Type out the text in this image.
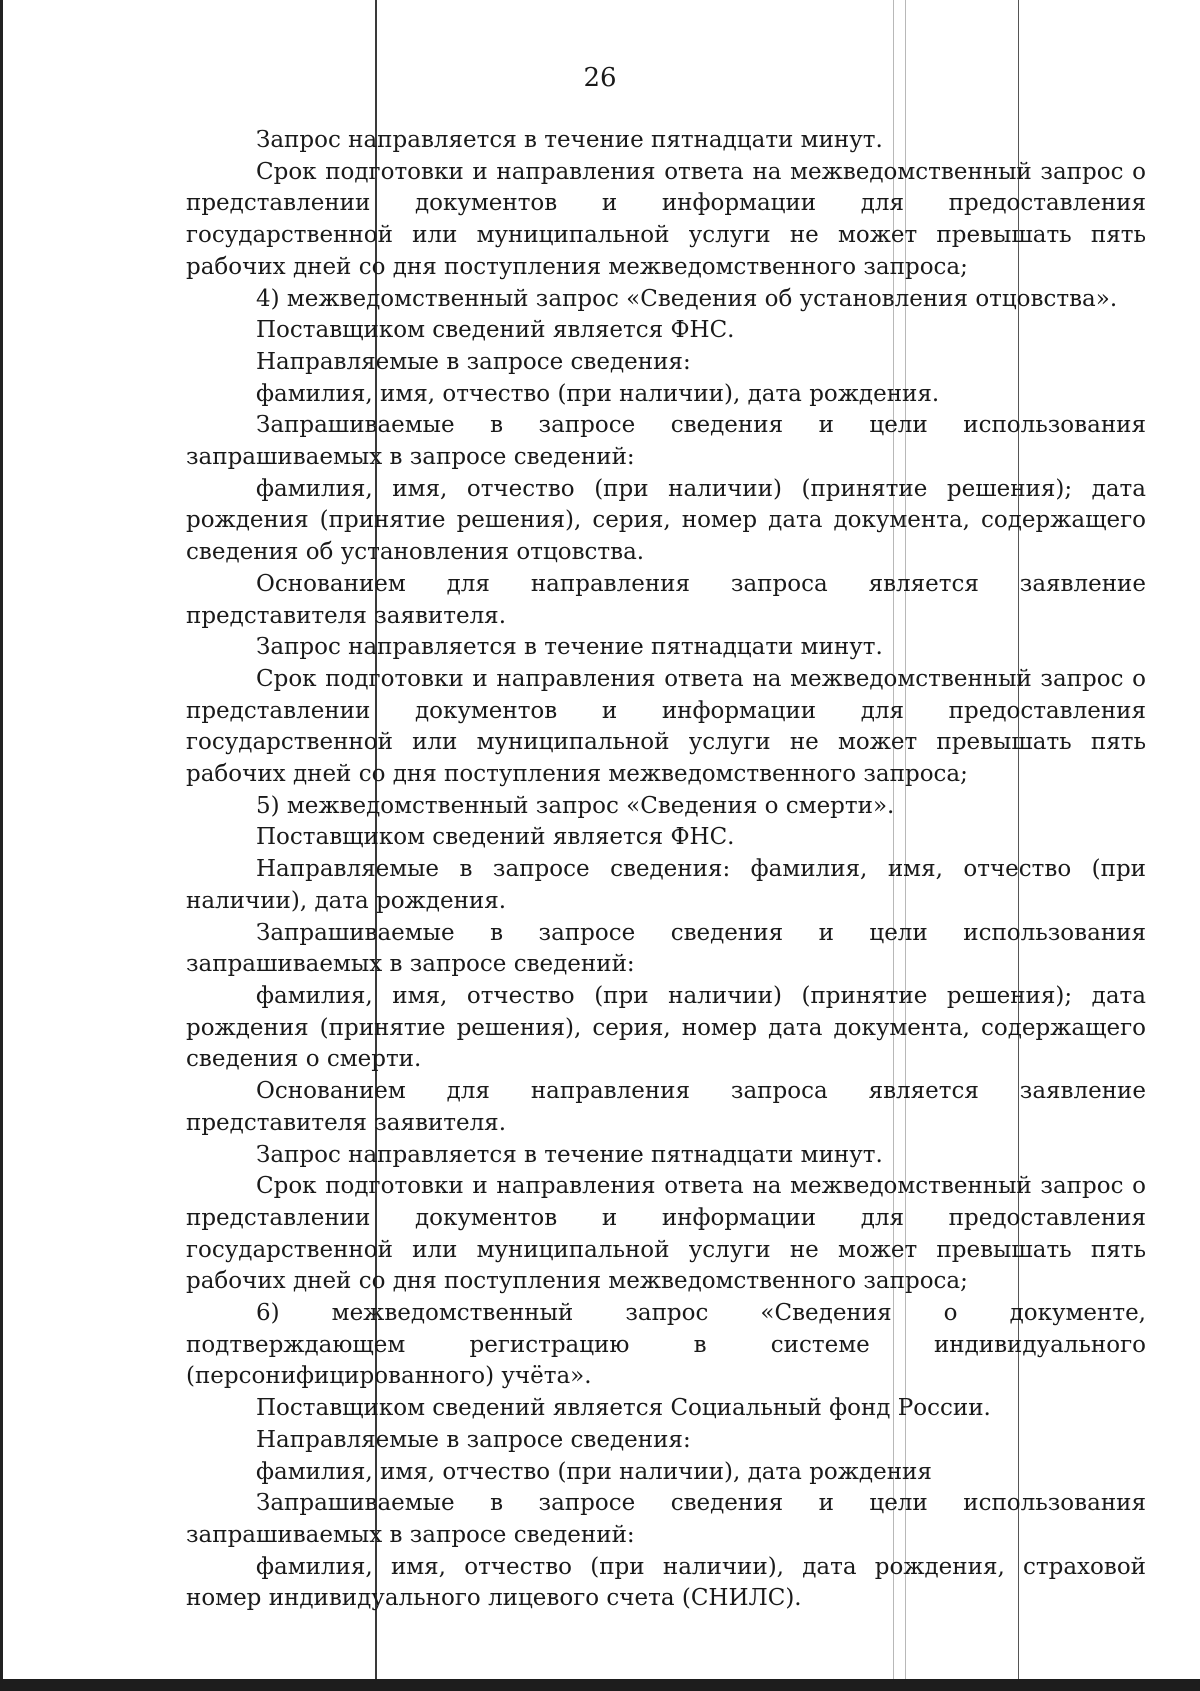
26

Запрос направляется в течение пятнадцати минут.

Срок подготовки и направления ответа на межведомственный запрос о представлении документов и информации для предоставления государственной или муниципальной услуги не может превышать пять рабочих дней со дня поступления межведомственного запроса;

4) межведомственный запрос «Сведения об установления отцовства».

Поставщиком сведений является ФНС.

Направляемые в запросе сведения:

фамилия, имя, отчество (при наличии), дата рождения.

Запрашиваемые в запросе сведения и цели использования запрашиваемых в запросе сведений:

фамилия, имя, отчество (при наличии) (принятие решения); дата рождения (принятие решения), серия, номер дата документа, содержащего сведения об установления отцовства.

Основанием для направления запроса является заявление представителя заявителя.

Запрос направляется в течение пятнадцати минут.

Срок подготовки и направления ответа на межведомственный запрос о представлении документов и информации для предоставления государственной или муниципальной услуги не может превышать пять рабочих дней со дня поступления межведомственного запроса;

5) межведомственный запрос «Сведения о смерти».

Поставщиком сведений является ФНС.

Направляемые в запросе сведения: фамилия, имя, отчество (при наличии), дата рождения.

Запрашиваемые в запросе сведения и цели использования запрашиваемых в запросе сведений:

фамилия, имя, отчество (при наличии) (принятие решения); дата рождения (принятие решения), серия, номер дата документа, содержащего сведения о смерти.

Основанием для направления запроса является заявление представителя заявителя.

Запрос направляется в течение пятнадцати минут.

Срок подготовки и направления ответа на межведомственный запрос о представлении документов и информации для предоставления государственной или муниципальной услуги не может превышать пять рабочих дней со дня поступления межведомственного запроса;

6) межведомственный запрос «Сведения о документе, подтверждающем регистрацию в системе индивидуального (персонифицированного) учёта».

Поставщиком сведений является Социальный фонд России.

Направляемые в запросе сведения:

фамилия, имя, отчество (при наличии), дата рождения

Запрашиваемые в запросе сведения и цели использования запрашиваемых в запросе сведений:

фамилия, имя, отчество (при наличии), дата рождения, страховой номер индивидуального лицевого счета (СНИЛС).
